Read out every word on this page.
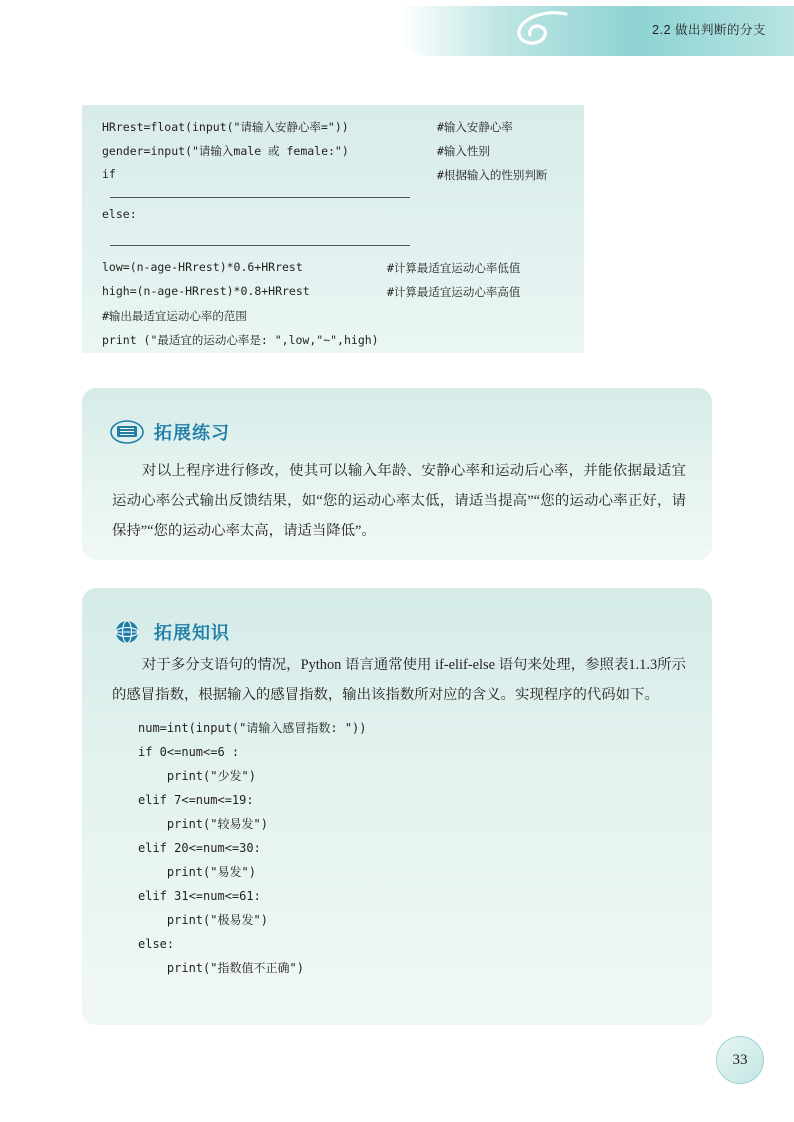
2.2 做出判断的分支
HRrest=float(input("请输入安静心率="))	#输入安静心率
gender=input("请输入male 或 female:")	#输入性别
if                                                  :
#根据输入的性别判断
else:
low=(n-age-HRrest)*0.6+HRrest	#计算最适宜运动心率低值
high=(n-age-HRrest)*0.8+HRrest	#计算最适宜运动心率高值
#输出最适宜运动心率的范围
print ("最适宜的运动心率是: ",low,"~",high)
拓展练习
对以上程序进行修改，使其可以输入年龄、安静心率和运动后心率，并能依据最适宜运动心率公式输出反馈结果，如“您的运动心率太低，请适当提高”“您的运动心率正好，请保持”“您的运动心率太高，请适当降低”。
拓展知识
对于多分支语句的情况，Python 语言通常使用 if-elif-else 语句来处理，参照表1.1.3所示的感冒指数，根据输入的感冒指数，输出该指数所对应的含义。实现程序的代码如下。
num=int(input("请输入感冒指数: "))
if 0<=num<=6 :
print("少发")
elif 7<=num<=19:
print("较易发")
elif 20<=num<=30:
print("易发")
elif 31<=num<=61:
print("极易发")
else:
print("指数值不正确")
33
